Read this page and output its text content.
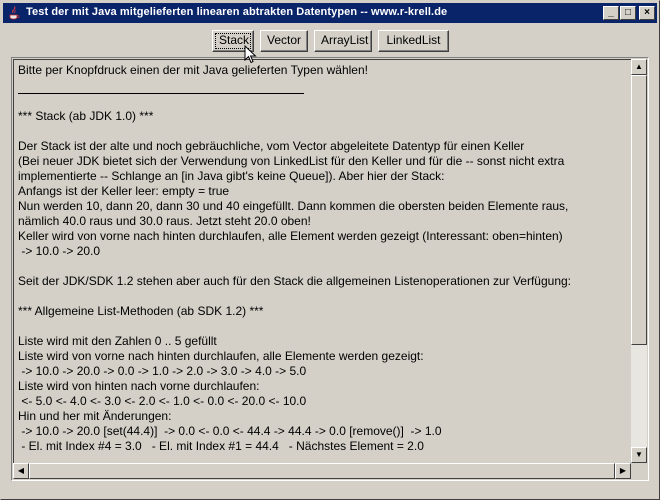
Test der mit Java mitgelieferten linearen abtrakten Datentypen -- www.r-krell.de	_	□	×
Stack	Vector	ArrayList	LinkedList
Bitte per Knopfdruck einen der mit Java gelieferten Typen wählen!
*** Stack (ab JDK 1.0) ***
Der Stack ist der alte und noch gebräuchliche, vom Vector abgeleitete Datentyp für einen Keller
(Bei neuer JDK bietet sich der Verwendung von LinkedList für den Keller und für die -- sonst nicht extra
implementierte -- Schlange an [in Java gibt's keine Queue]). Aber hier der Stack:
Anfangs ist der Keller leer: empty = true
Nun werden 10, dann 20, dann 30 und 40 eingefüllt. Dann kommen die obersten beiden Elemente raus,
nämlich 40.0 raus und 30.0 raus. Jetzt steht 20.0 oben!
Keller wird von vorne nach hinten durchlaufen, alle Element werden gezeigt (Interessant: oben=hinten)
-> 10.0 -> 20.0
Seit der JDK/SDK 1.2 stehen aber auch für den Stack die allgemeinen Listenoperationen zur Verfügung:
*** Allgemeine List-Methoden (ab SDK 1.2) ***
Liste wird mit den Zahlen 0 .. 5 gefüllt
Liste wird von vorne nach hinten durchlaufen, alle Elemente werden gezeigt:
-> 10.0 -> 20.0 -> 0.0 -> 1.0 -> 2.0 -> 3.0 -> 4.0 -> 5.0
Liste wird von hinten nach vorne durchlaufen:
<- 5.0 <- 4.0 <- 3.0 <- 2.0 <- 1.0 <- 0.0 <- 20.0 <- 10.0
Hin und her mit Änderungen:
-> 10.0 -> 20.0 [set(44.4)]  -> 0.0 <- 0.0 <- 44.4 -> 44.4 -> 0.0 [remove()]  -> 1.0
- El. mit Index #4 = 3.0   - El. mit Index #1 = 44.4   - Nächstes Element = 2.0
▲
▼
◀	▶
